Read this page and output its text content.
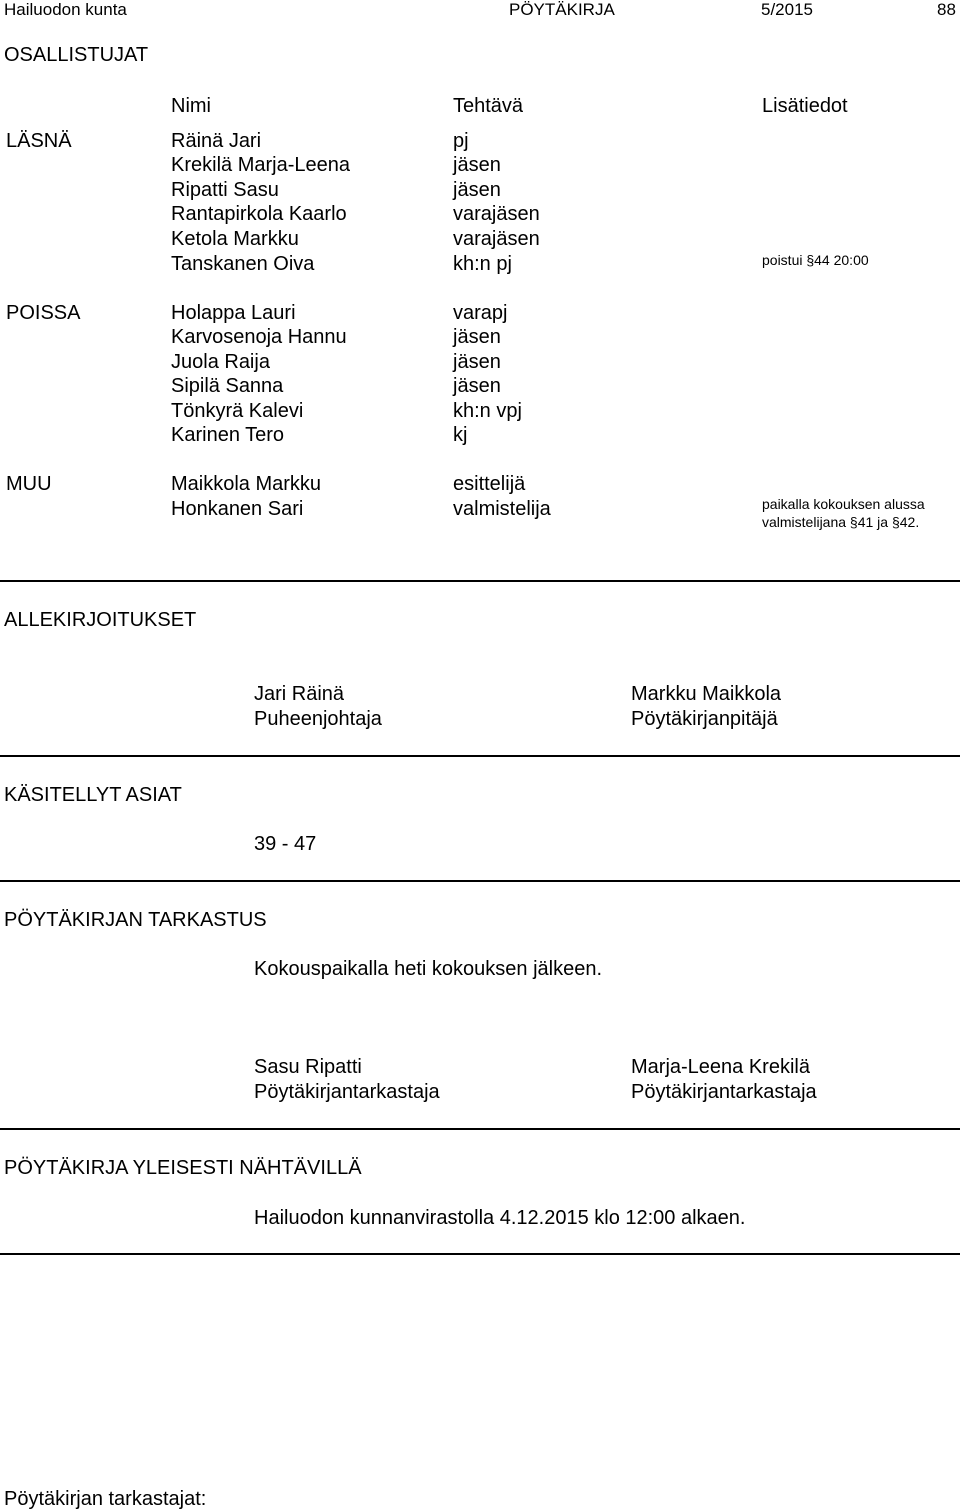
Hailuodon kunta	PÖYTÄKIRJA	5/2015	88
OSALLISTUJAT
Nimi	Tehtävä	Lisätiedot
LÄSNÄ	Räinä Jari	pj
Krekilä Marja-Leena	jäsen
Ripatti Sasu	jäsen
Rantapirkola Kaarlo	varajäsen
Ketola Markku	varajäsen
Tanskanen Oiva	kh:n pj	poistui §44 20:00
POISSA	Holappa Lauri	varapj
Karvosenoja Hannu	jäsen
Juola Raija	jäsen
Sipilä Sanna	jäsen
Tönkyrä Kalevi	kh:n vpj
Karinen Tero	kj
MUU	Maikkola Markku	esittelijä
Honkanen Sari	valmistelija	paikalla kokouksen alussa
valmistelijana §41 ja §42.
ALLEKIRJOITUKSET
Jari Räinä
Puheenjohtaja
Markku Maikkola
Pöytäkirjanpitäjä
KÄSITELLYT ASIAT
39 - 47
PÖYTÄKIRJAN TARKASTUS
Kokouspaikalla heti kokouksen jälkeen.
Sasu Ripatti
Pöytäkirjantarkastaja
Marja-Leena Krekilä
Pöytäkirjantarkastaja
PÖYTÄKIRJA YLEISESTI NÄHTÄVILLÄ
Hailuodon kunnanvirastolla 4.12.2015 klo 12:00 alkaen.
Pöytäkirjan tarkastajat:
